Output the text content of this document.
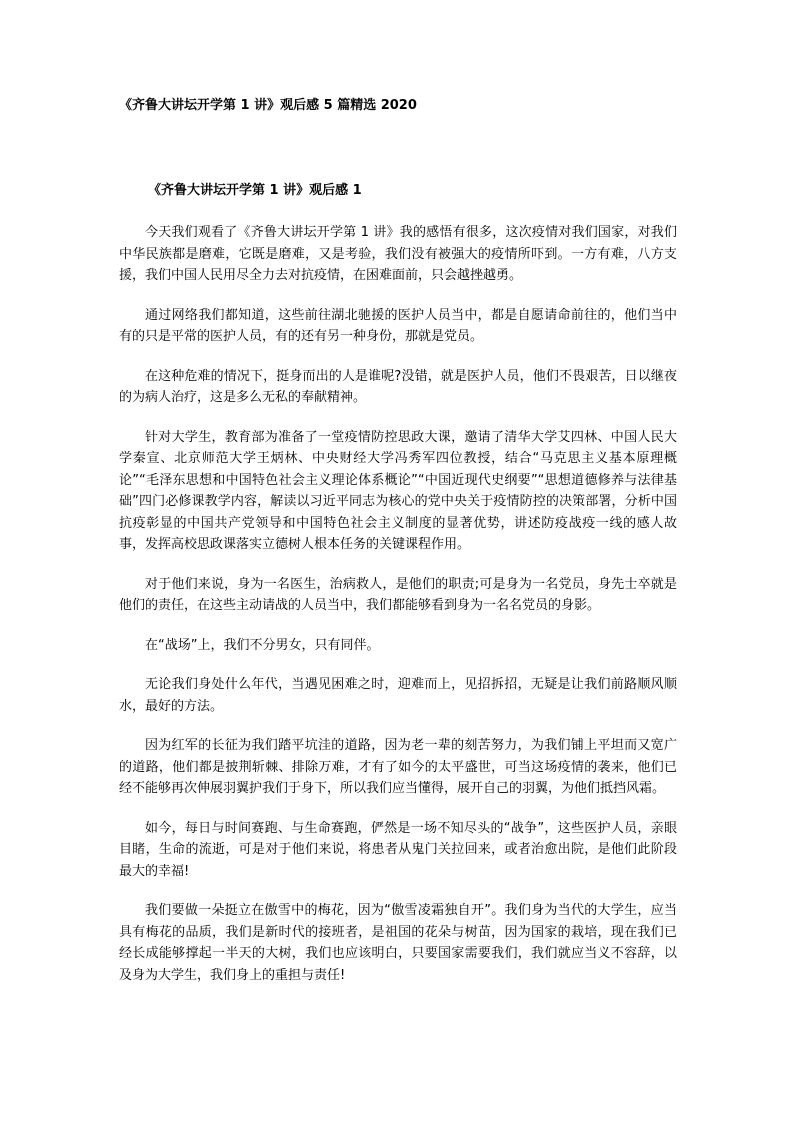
《齐鲁大讲坛开学第 1 讲》观后感 5 篇精选 2020
《齐鲁大讲坛开学第 1 讲》观后感 1

今天我们观看了《齐鲁大讲坛开学第 1 讲》我的感悟有很多，这次疫情对我们国家，对我们中华民族都是磨难，它既是磨难，又是考验，我们没有被强大的疫情所吓到。一方有难，八方支援，我们中国人民用尽全力去对抗疫情，在困难面前，只会越挫越勇。

通过网络我们都知道，这些前往湖北驰援的医护人员当中，都是自愿请命前往的，他们当中有的只是平常的医护人员，有的还有另一种身份，那就是党员。

在这种危难的情况下，挺身而出的人是谁呢?没错，就是医护人员，他们不畏艰苦，日以继夜的为病人治疗，这是多么无私的奉献精神。

针对大学生，教育部为准备了一堂疫情防控思政大课，邀请了清华大学艾四林、中国人民大学秦宣、北京师范大学王炳林、中央财经大学冯秀军四位教授，结合“马克思主义基本原理概论”“毛泽东思想和中国特色社会主义理论体系概论”“中国近现代史纲要”“思想道德修养与法律基础”四门必修课教学内容，解读以习近平同志为核心的党中央关于疫情防控的决策部署，分析中国抗疫彰显的中国共产党领导和中国特色社会主义制度的显著优势，讲述防疫战疫一线的感人故事，发挥高校思政课落实立德树人根本任务的关键课程作用。

对于他们来说，身为一名医生，治病救人，是他们的职责;可是身为一名党员，身先士卒就是他们的责任，在这些主动请战的人员当中，我们都能够看到身为一名名党员的身影。

在“战场”上，我们不分男女，只有同伴。

无论我们身处什么年代，当遇见困难之时，迎难而上，见招拆招，无疑是让我们前路顺风顺水，最好的方法。

因为红军的长征为我们踏平坑洼的道路，因为老一辈的刻苦努力，为我们铺上平坦而又宽广的道路，他们都是披荆斩棘、排除万难，才有了如今的太平盛世，可当这场疫情的袭来，他们已经不能够再次伸展羽翼护我们于身下，所以我们应当懂得，展开自己的羽翼，为他们抵挡风霜。

如今，每日与时间赛跑、与生命赛跑，俨然是一场不知尽头的“战争”，这些医护人员，亲眼目睹，生命的流逝，可是对于他们来说，将患者从鬼门关拉回来，或者治愈出院，是他们此阶段最大的幸福!

我们要做一朵挺立在傲雪中的梅花，因为“傲雪凌霜独自开”。我们身为当代的大学生，应当具有梅花的品质，我们是新时代的接班者，是祖国的花朵与树苗，因为国家的栽培，现在我们已经长成能够撑起一半天的大树，我们也应该明白，只要国家需要我们，我们就应当义不容辞，以及身为大学生，我们身上的重担与责任!
